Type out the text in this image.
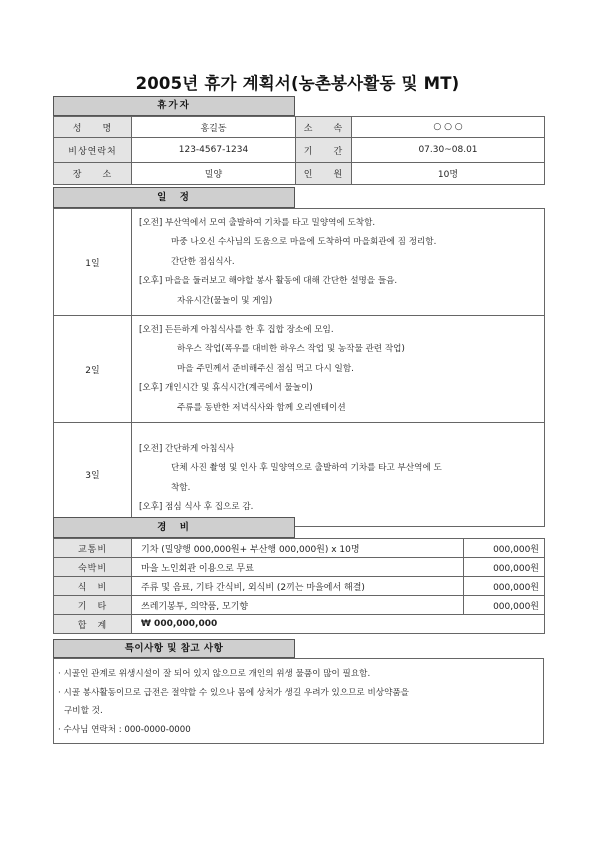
2005년 휴가 계획서(농촌봉사활동 및 MT)
휴가자
성　　명	홍길동	소　　속	○ ○ ○
비상연락처	123-4567-1234	기　　간	07.30~08.01
장　　소	밀양	인　　원	10명
일　정
1일	[오전] 부산역에서 모여 출발하여 기차를 타고 밀양역에 도착함.
마중 나오신 수사님의 도움으로 마을에 도착하여 마을회관에 짐 정리함.
간단한 점심식사.
[오후] 마을을 둘러보고 해야할 봉사 활동에 대해 간단한 설명을 들음.
자유시간(물놀이 및 게임)

2일	[오전] 든든하게 아침식사를 한 후 집합 장소에 모임.
하우스 작업(폭우를 대비한 하우스 작업 및 농작물 관련 작업)
마을 주민께서 준비해주신 점심 먹고 다시 일함.
[오후] 개인시간 및 휴식시간(계곡에서 물놀이)
주류를 동반한 저녁식사와 함께 오리엔테이션

3일	[오전] 간단하게 아침식사
단체 사진 촬영 및 인사 후 밀양역으로 출발하여 기차를 타고 부산역에 도
착함.
[오후] 점심 식사 후 집으로 감.
경　비
교통비	기차 (밀양행 000,000원+ 부산행 000,000원) x 10명	000,000원
숙박비	마을 노인회관 이용으로 무료	000,000원
식　비	주류 및 음료, 기타 간식비, 외식비 (2끼는 마을에서 해결)	000,000원
기　타	쓰레기봉투, 의약품, 모기향	000,000원
합　계	₩ 000,000,000	
특이사항 및 참고 사항
· 시골인 관계로 위생시설이 잘 되어 있지 않으므로 개인의 위생 물품이 많이 필요함.
· 시골 봉사활동이므로 급전은 절약할 수 있으나 몸에 상처가 생길 우려가 있으므로 비상약품을
구비할 것.
· 수사님 연락처 : 000-0000-0000
